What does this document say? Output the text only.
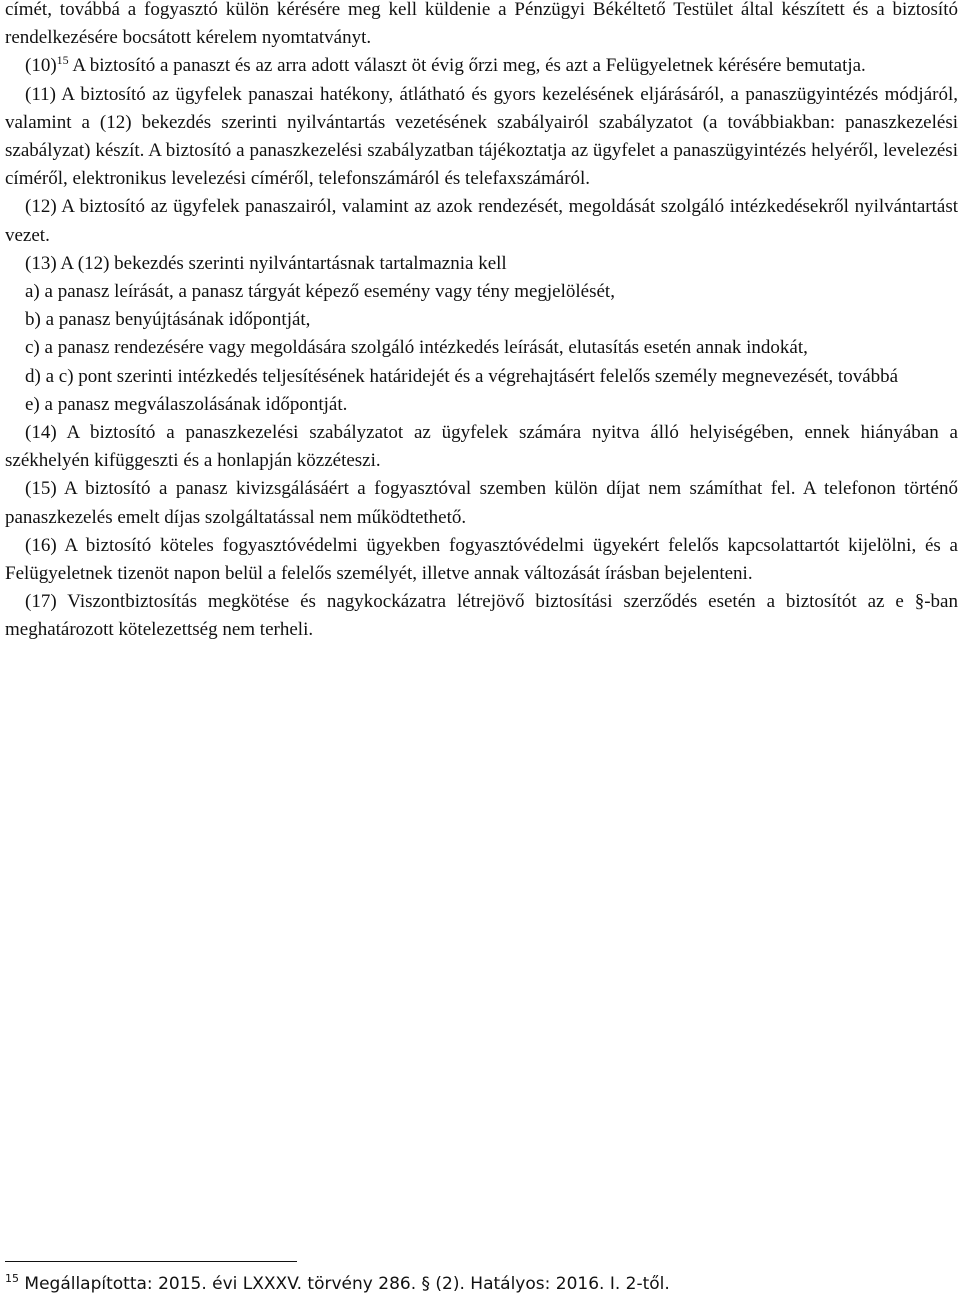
címét, továbbá a fogyasztó külön kérésére meg kell küldenie a Pénzügyi Békéltető Testület által készített és a biztosító rendelkezésére bocsátott kérelem nyomtatványt.

$(10)^{15}$ A biztosító a panaszt és az arra adott választ öt évig őrzi meg, és azt a Felügyeletnek kérésére bemutatja.

(11) A biztosító az ügyfelek panaszai hatékony, átlátható és gyors kezelésének eljárásáról, a panaszügyintézés módjáról, valamint a (12) bekezdés szerinti nyilvántartás vezetésének szabályairól szabályzatot (a továbbiakban: panaszkezelési szabályzat) készít. A biztosító a panaszkezelési szabályzatban tájékoztatja az ügyfelet a panaszügyintézés helyéről, levelezési címéről, elektronikus levelezési címéről, telefonszámáról és telefaxszámáról.

(12) A biztosító az ügyfelek panaszairól, valamint az azok rendezését, megoldását szolgáló intézkedésekről nyilvántartást vezet.

(13) A (12) bekezdés szerinti nyilvántartásnak tartalmaznia kell

a) a panasz leírását, a panasz tárgyát képező esemény vagy tény megjelölését,

b) a panasz benyújtásának időpontját,

c) a panasz rendezésére vagy megoldására szolgáló intézkedés leírását, elutasítás esetén annak indokát,

d) a c) pont szerinti intézkedés teljesítésének határidejét és a végrehajtásért felelős személy megnevezését, továbbá

e) a panasz megválaszolásának időpontját.

(14) A biztosító a panaszkezelési szabályzatot az ügyfelek számára nyitva álló helyiségében, ennek hiányában a székhelyén kifüggeszti és a honlapján közzéteszi.

(15) A biztosító a panasz kivizsgálásáért a fogyasztóval szemben külön díjat nem számíthat fel. A telefonon történő panaszkezelés emelt díjas szolgáltatással nem működtethető.

(16) A biztosító köteles fogyasztóvédelmi ügyekben fogyasztóvédelmi ügyekért felelős kapcsolattartót kijelölni, és a Felügyeletnek tizenöt napon belül a felelős személyét, illetve annak változását írásban bejelenteni.

(17) Viszontbiztosítás megkötése és nagykockázatra létrejövő biztosítási szerződés esetén a biztosítót az e §-ban meghatározott kötelezettség nem terheli.

$^{15}$ Megállapította: 2015. évi LXXXV. törvény 286. § (2). Hatályos: 2016. I. 2-től.
